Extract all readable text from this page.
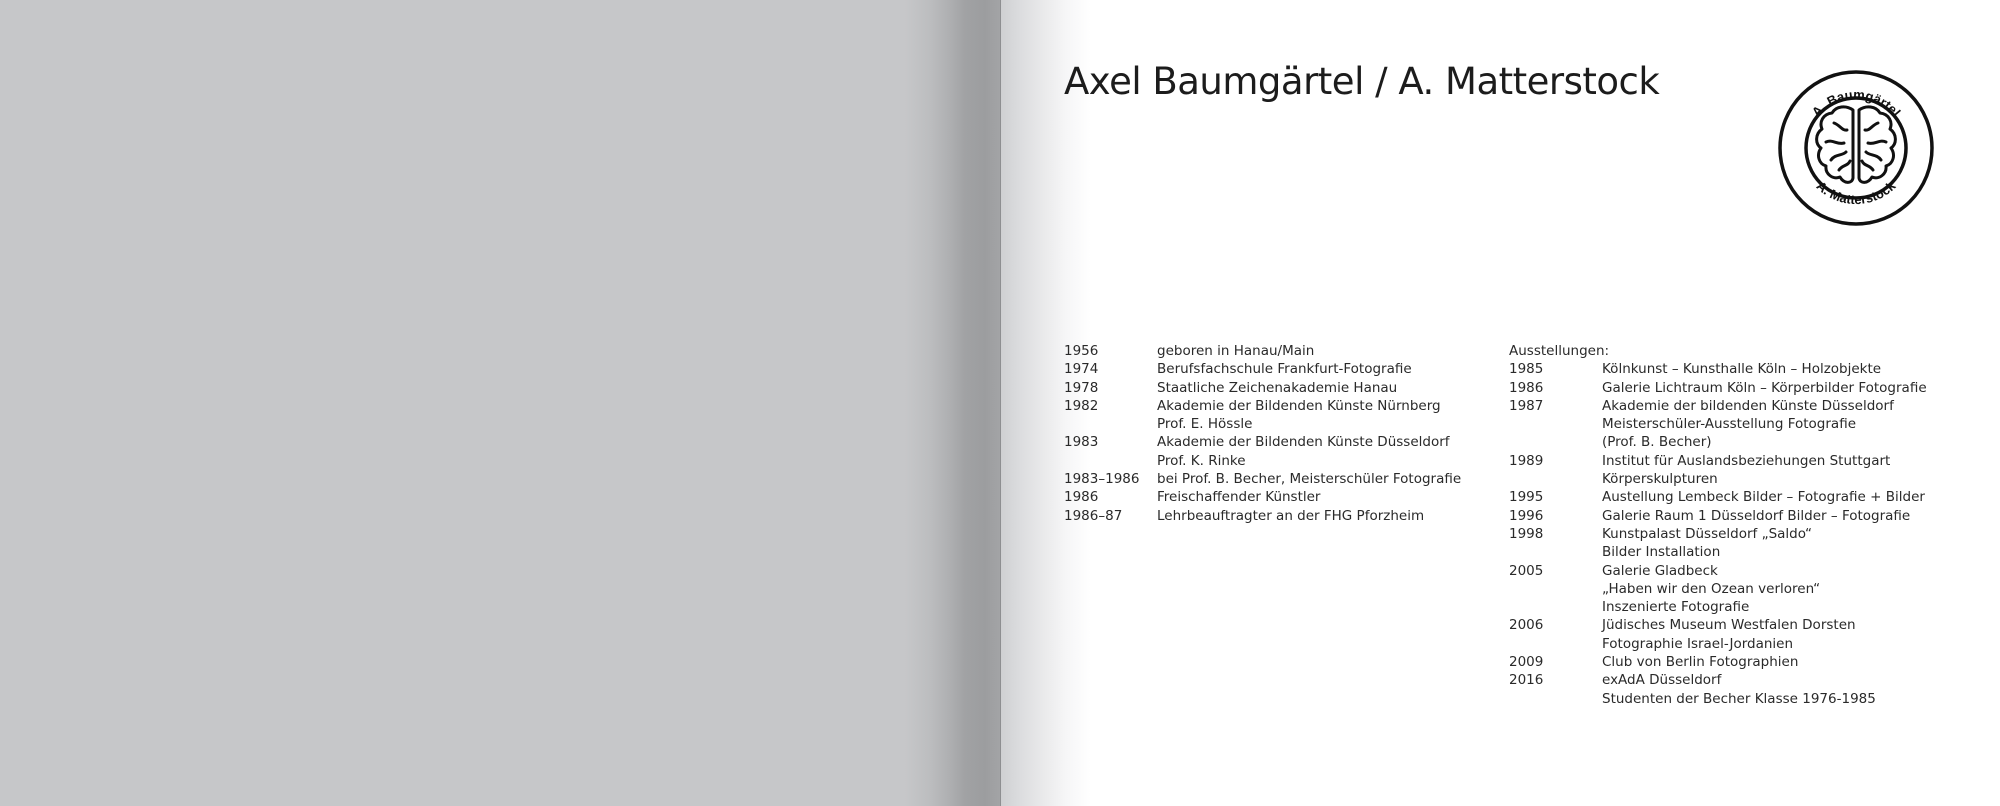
Axel Baumgärtel / A. Matterstock
A. Baumgärtel
A. Matterstock
1956	geboren in Hanau/Main
1974	Berufsfachschule Frankfurt-Fotografie
1978	Staatliche Zeichenakademie Hanau
1982	Akademie der Bildenden Künste Nürnberg
Prof. E. Hössle
1983	Akademie der Bildenden Künste Düsseldorf
Prof. K. Rinke
1983–1986	bei Prof. B. Becher, Meisterschüler Fotografie
1986	Freischaffender Künstler
1986–87	Lehrbeauftragter an der FHG Pforzheim
Ausstellungen:
1985	Kölnkunst – Kunsthalle Köln – Holzobjekte
1986	Galerie Lichtraum Köln – Körperbilder Fotografie
1987	Akademie der bildenden Künste Düsseldorf
Meisterschüler-Ausstellung Fotografie
(Prof. B. Becher)
1989	Institut für Auslandsbeziehungen Stuttgart
Körperskulpturen
1995	Austellung Lembeck Bilder – Fotografie + Bilder
1996	Galerie Raum 1 Düsseldorf Bilder – Fotografie
1998	Kunstpalast Düsseldorf „Saldo“
Bilder Installation
2005	Galerie Gladbeck
„Haben wir den Ozean verloren“
Inszenierte Fotografie
2006	Jüdisches Museum Westfalen Dorsten
Fotographie Israel-Jordanien
2009	Club von Berlin Fotographien
2016	exAdA Düsseldorf
Studenten der Becher Klasse 1976-1985
